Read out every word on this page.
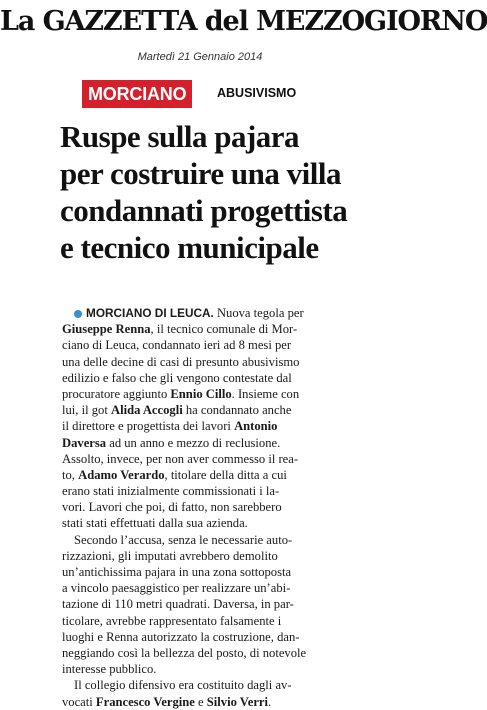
La GAZZETTA del MEZZOGIORNO
Martedì 21 Gennaio 2014
MORCIANO	ABUSIVISMO
Ruspe sulla pajara
per costruire una villa
condannati progettista
e tecnico municipale
MORCIANO DI LEUCA. Nuova tegola per
Giuseppe Renna, il tecnico comunale di Mor-
ciano di Leuca, condannato ieri ad 8 mesi per
una delle decine di casi di presunto abusivismo
edilizio e falso che gli vengono contestate dal
procuratore aggiunto Ennio Cillo. Insieme con
lui, il got Alida Accogli ha condannato anche
il direttore e progettista dei lavori Antonio
Daversa ad un anno e mezzo di reclusione.
Assolto, invece, per non aver commesso il rea-
to, Adamo Verardo, titolare della ditta a cui
erano stati inizialmente commissionati i la-
vori. Lavori che poi, di fatto, non sarebbero
stati stati effettuati dalla sua azienda.
Secondo l’accusa, senza le necessarie auto-
rizzazioni, gli imputati avrebbero demolito
un’antichissima pajara in una zona sottoposta
a vincolo paesaggistico per realizzare un’abi-
tazione di 110 metri quadrati. Daversa, in par-
ticolare, avrebbe rappresentato falsamente i
luoghi e Renna autorizzato la costruzione, dan-
neggiando così la bellezza del posto, di notevole
interesse pubblico.
Il collegio difensivo era costituito dagli av-
vocati Francesco Vergine e Silvio Verri.
